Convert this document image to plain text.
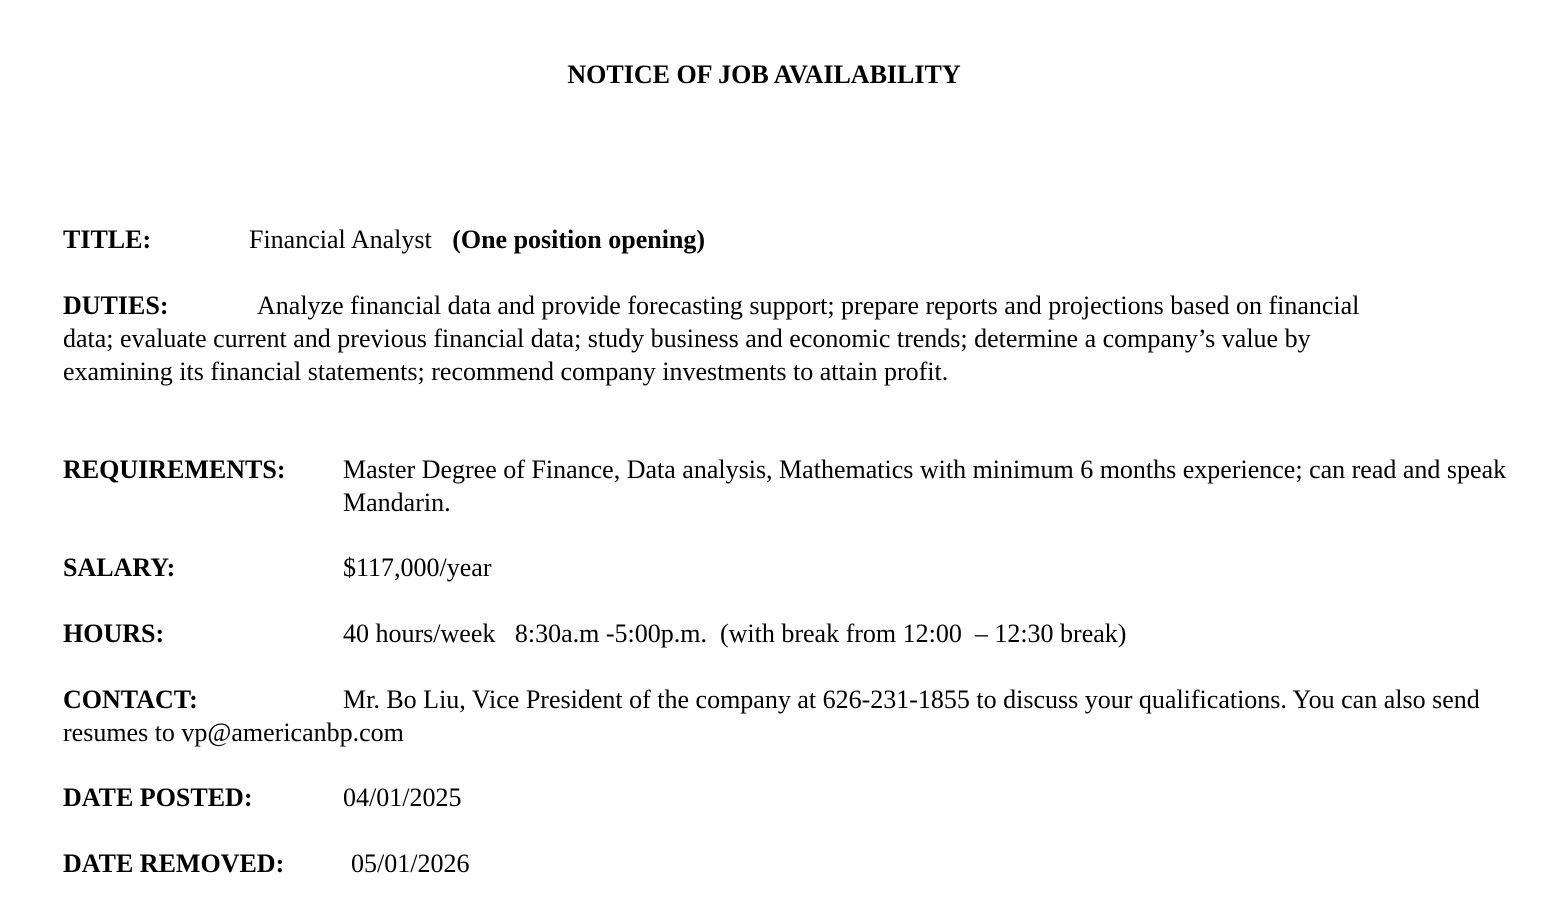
NOTICE OF JOB AVAILABILITY
TITLE:	Financial Analyst (One position opening)
DUTIES:	Analyze financial data and provide forecasting support; prepare reports and projections based on financial data; evaluate current and previous financial data; study business and economic trends; determine a company’s value by examining its financial statements; recommend company investments to attain profit.
REQUIREMENTS:	Master Degree of Finance, Data analysis, Mathematics with minimum 6 months experience; can read and speak Mandarin.
SALARY:	$117,000/year
HOURS:	40 hours/week   8:30a.m -5:00p.m.  (with break from 12:00  – 12:30 break)
CONTACT:	Mr. Bo Liu, Vice President of the company at 626-231-1855 to discuss your qualifications. You can also send resumes to vp@americanbp.com
DATE POSTED:	04/01/2025
DATE REMOVED:	05/01/2026
